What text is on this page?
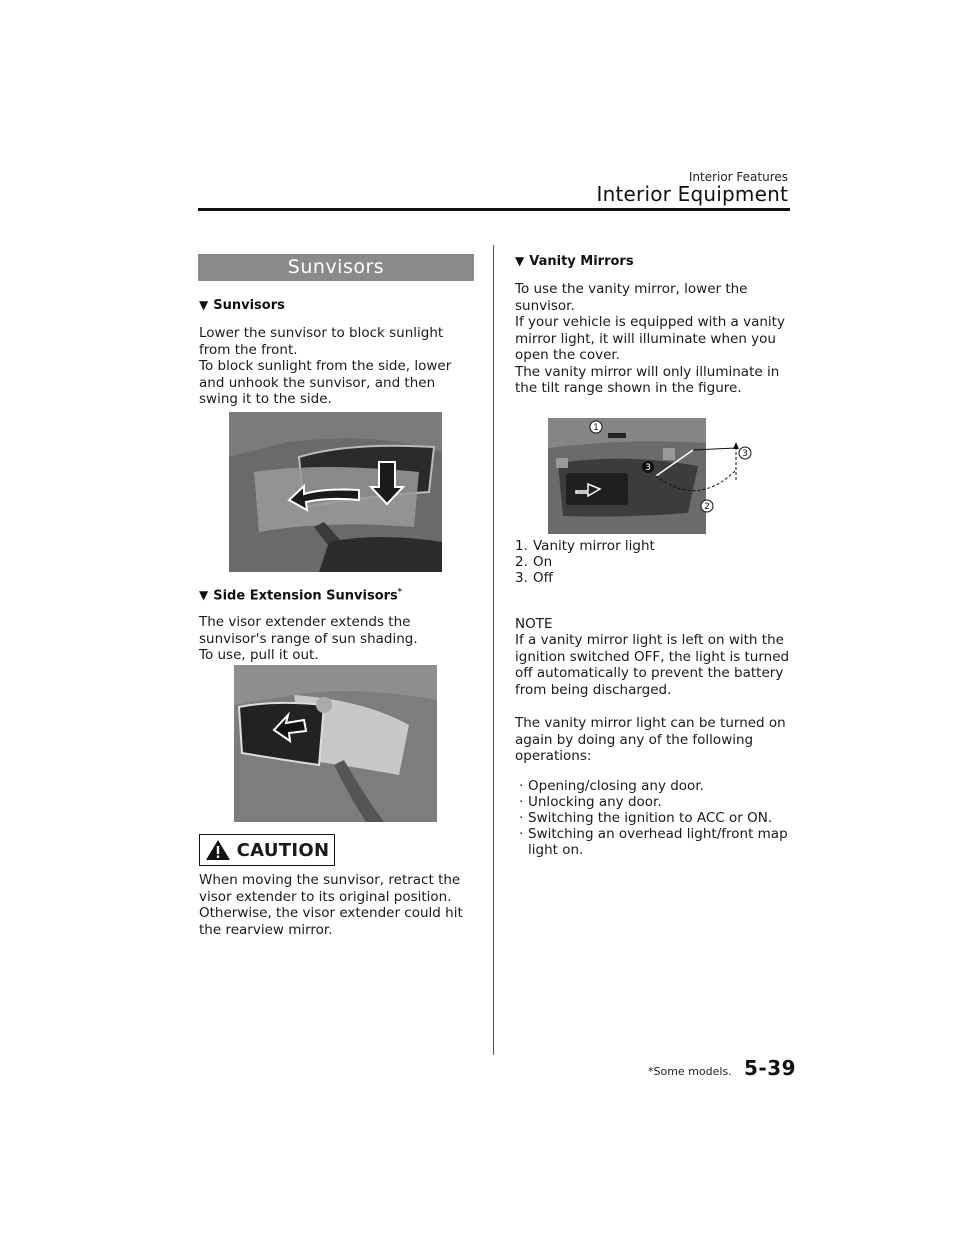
Interior Features
Interior Equipment
Sunvisors
▼ Sunvisors
Lower the sunvisor to block sunlight from the front.
To block sunlight from the side, lower and unhook the sunvisor, and then swing it to the side.
▼ Side Extension Sunvisors*
The visor extender extends the sunvisor's range of sun shading.
To use, pull it out.
CAUTION
When moving the sunvisor, retract the visor extender to its original position. Otherwise, the visor extender could hit the rearview mirror.
▼ Vanity Mirrors
To use the vanity mirror, lower the sunvisor.
If your vehicle is equipped with a vanity mirror light, it will illuminate when you open the cover.
The vanity mirror will only illuminate in the tilt range shown in the figure.
1
3
3
2
1. Vanity mirror light
2. On
3. Off
NOTE
If a vanity mirror light is left on with the ignition switched OFF, the light is turned off automatically to prevent the battery from being discharged.
The vanity mirror light can be turned on again by doing any of the following operations:
· Opening/closing any door.
· Unlocking any door.
· Switching the ignition to ACC or ON.
· Switching an overhead light/front map light on.
*Some models. 5-39
